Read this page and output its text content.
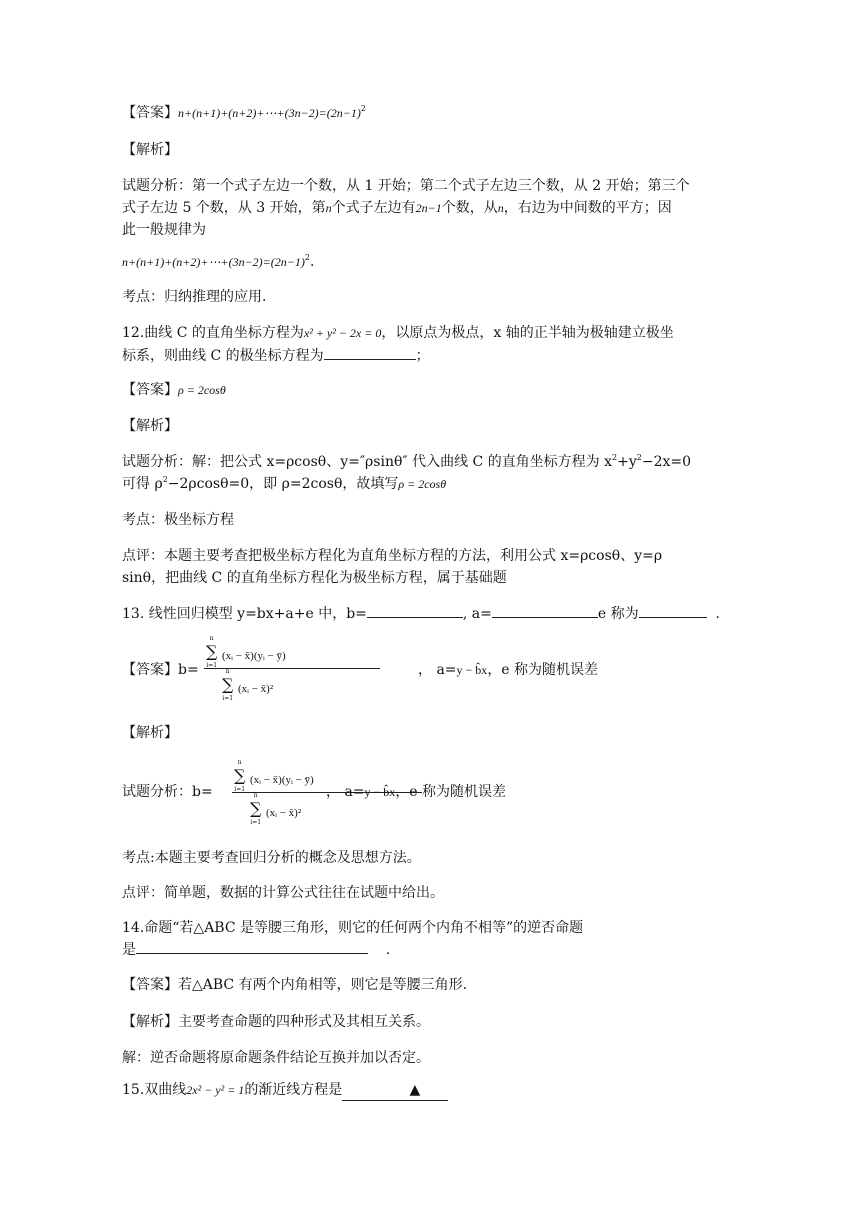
【答案】$n+(n+1)+(n+2)+\cdots+(3n-2)=(2n-1)^2$
【解析】
试题分析：第一个式子左边一个数，从 1 开始；第二个式子左边三个数，从 2 开始；第三个
式子左边 5 个数，从 3 开始，第n个式子左边有2n−1个数，从n，右边为中间数的平方；因
此一般规律为
$n+(n+1)+(n+2)+\cdots+(3n-2)=(2n-1)^2$.
考点：归纳推理的应用.
12.曲线 C 的直角坐标方程为x² + y² − 2x = 0，以原点为极点，x 轴的正半轴为极轴建立极坐
标系，则曲线 C 的极坐标方程为	；
【答案】ρ = 2cosθ
【解析】
试题分析：解：把公式 x=ρcosθ、y=″ρsinθ″ 代入曲线 C 的直角坐标方程为 $x^2+y^2-2x=0$
可得 $\rho^2-2\rho\cos\theta=0$，即 ρ=2cosθ，故填写ρ = 2cosθ
考点：极坐标方程
点评：本题主要考查把极坐标方程化为直角坐标方程的方法，利用公式 x=ρcosθ、y=ρ
sinθ，把曲线 C 的直角坐标方程化为极坐标方程，属于基础题
13. 线性回归模型 y=bx+a+e 中，b=	, a=	e 称为	.
【答案】b=
n
∑
i=1
(xᵢ − x̄)(yᵢ − ȳ)
n
∑
i=1
(xᵢ − x̄)²
， a=y − b̂x，e 称为随机误差
【解析】
试题分析：b=
n
∑
i=1
(xᵢ − x̄)(yᵢ − ȳ)
n
∑
i=1
(xᵢ − x̄)²
， a=y − b̂x，e 称为随机误差
考点:本题主要考查回归分析的概念及思想方法。
点评：简单题，数据的计算公式往往在试题中给出。
14.命题“若△ABC 是等腰三角形，则它的任何两个内角不相等”的逆否命题
是	.
【答案】若△ABC 有两个内角相等，则它是等腰三角形.
【解析】主要考查命题的四种形式及其相互关系。
解：逆否命题将原命题条件结论互换并加以否定。
15.双曲线2x² − y² = 1的渐近线方程是	▲
